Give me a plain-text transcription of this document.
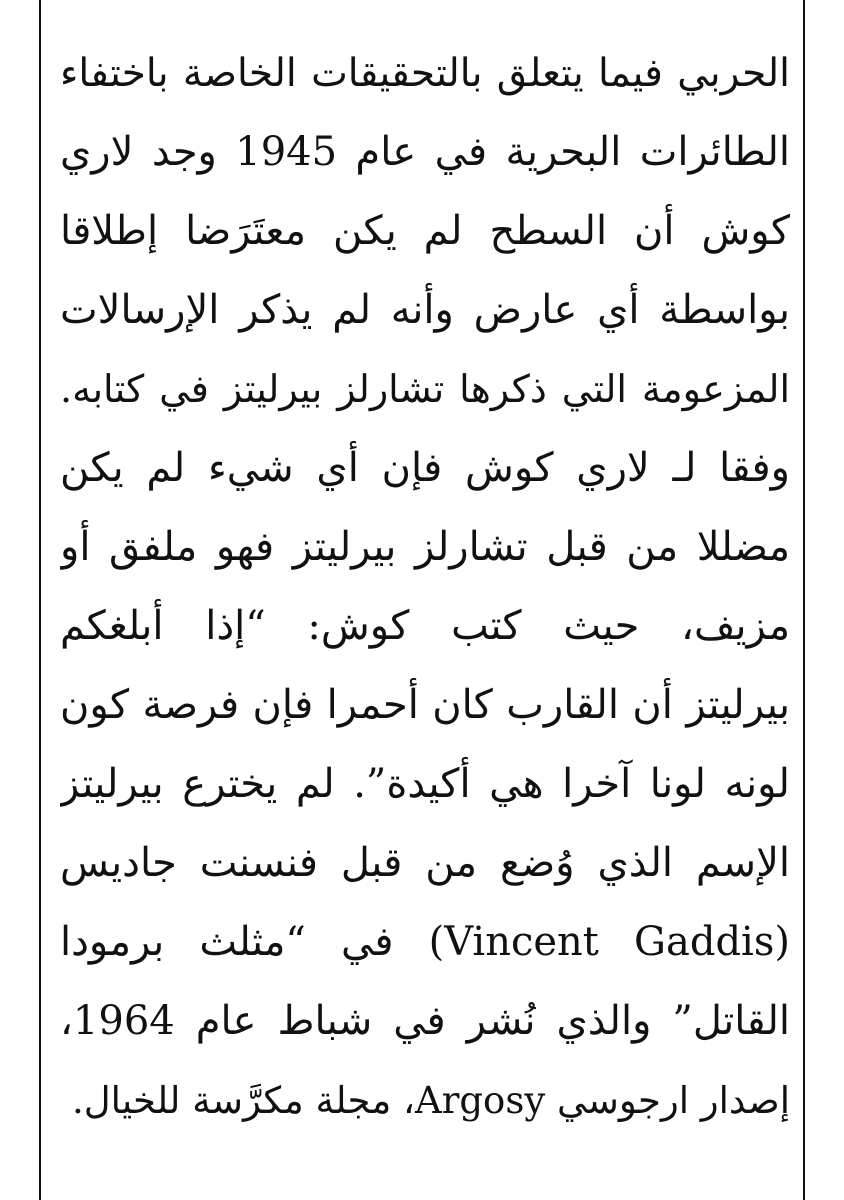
الحربي فيما يتعلق بالتحقيقات الخاصة باختفاء
الطائرات البحرية في عام 1945 وجد لاري
كوش أن السطح لم يكن معتَرَضا إطلاقا
بواسطة أي عارض وأنه لم يذكر الإرسالات
المزعومة التي ذكرها تشارلز بيرليتز في كتابه.
وفقا لـ لاري كوش فإن أي شيء لم يكن
مضللا من قبل تشارلز بيرليتز فهو ملفق أو
مزيف، حيث كتب كوش: “إذا أبلغكم
بيرليتز أن القارب كان أحمرا فإن فرصة كون
لونه لونا آخرا هي أكيدة”. لم يخترع بيرليتز
الإسم الذي وُضع من قبل فنسنت جاديس
(Vincent Gaddis) في “مثلث برمودا
القاتل” والذي نُشر في شباط عام 1964،
إصدار ارجوسي Argosy، مجلة مكرَّسة للخيال.
